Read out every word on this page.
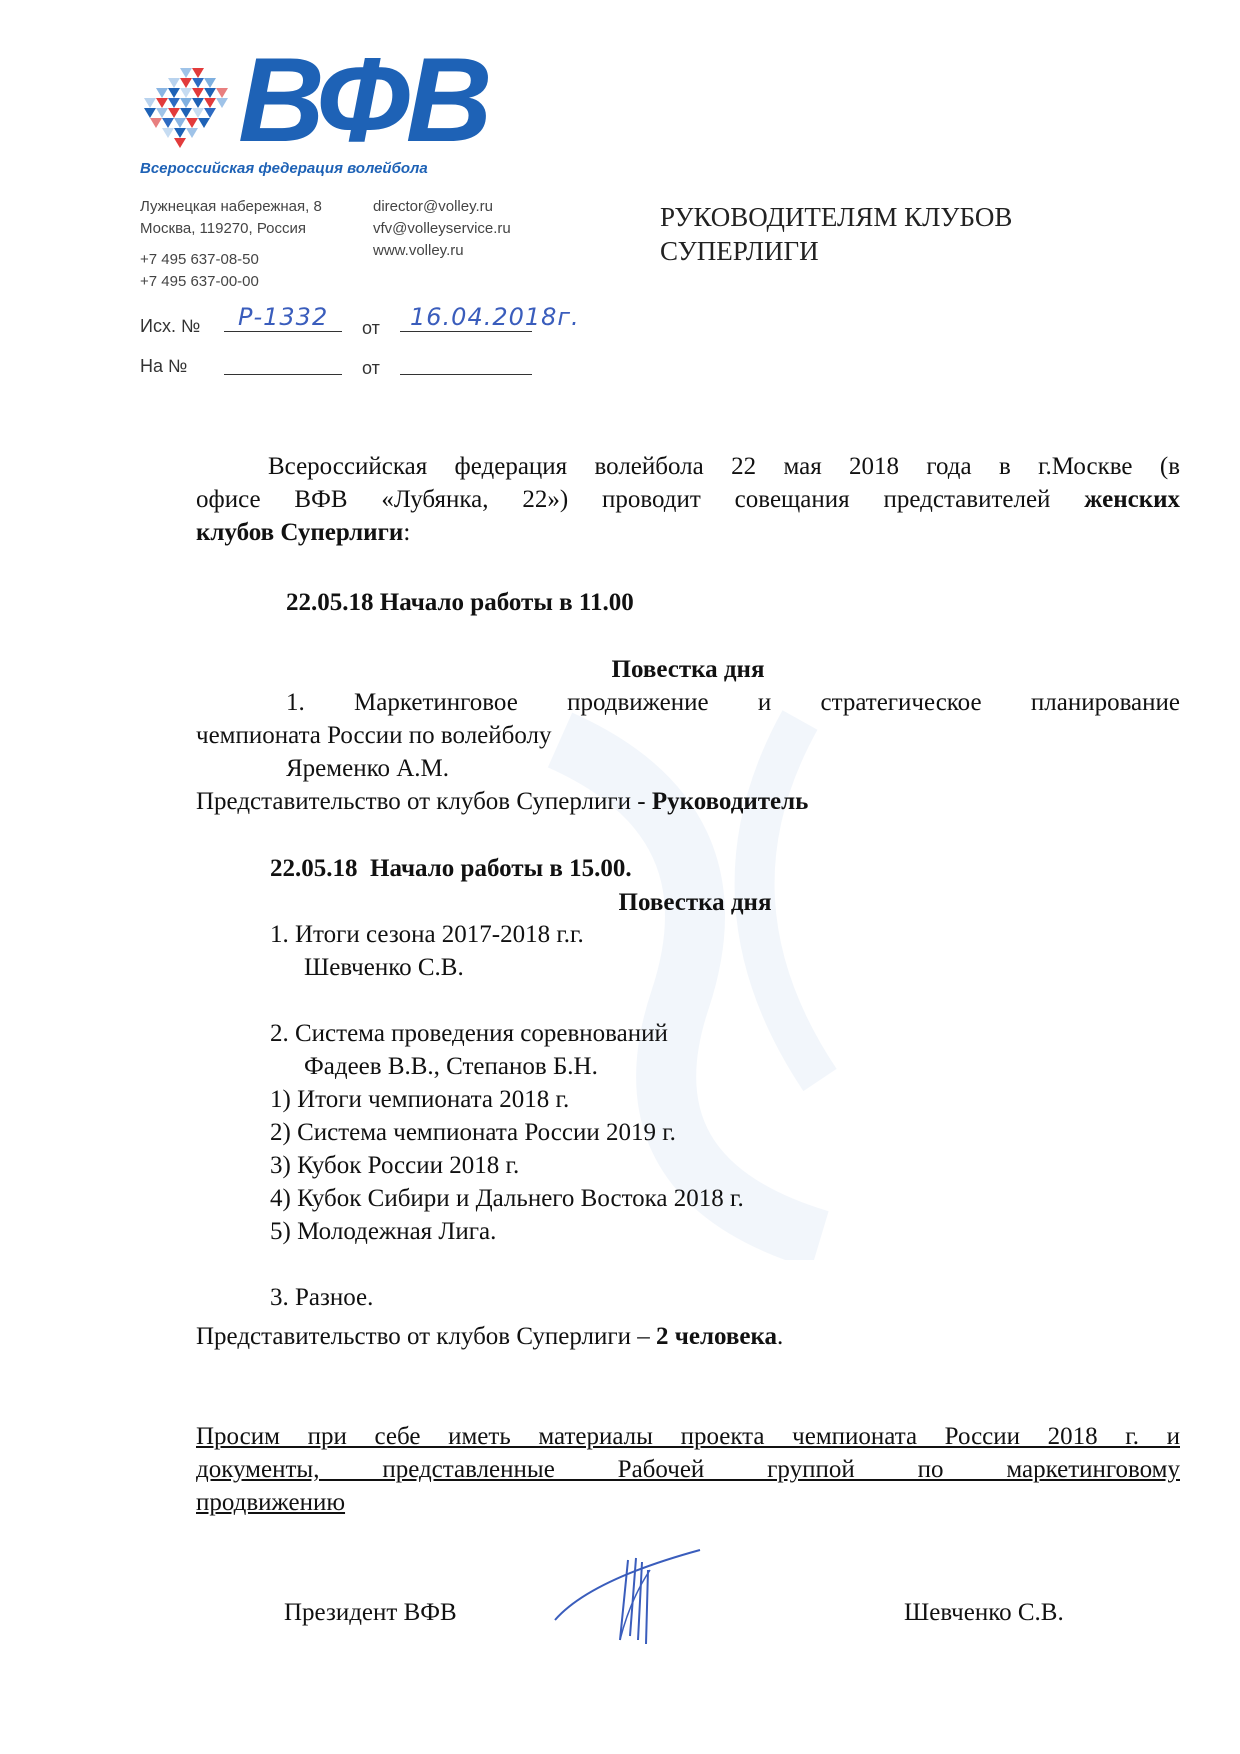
ВФВ
Всероссийская федерация волейбола
Лужнецкая набережная, 8
Москва, 119270, Россия
+7 495 637-08-50
+7 495 637-00-00
director@volley.ru
vfv@volleyservice.ru
www.volley.ru
Исх. № Р-1332 от 16.04.2018г.
На №	от
РУКОВОДИТЕЛЯМ КЛУБОВ
СУПЕРЛИГИ
Всероссийская федерация волейбола 22 мая 2018 года в г.Москве (в
офисе ВФВ «Лубянка, 22») проводит совещания представителей женских
клубов Суперлиги:
22.05.18 Начало работы в 11.00
Повестка дня
1. Маркетинговое продвижение и стратегическое планирование
чемпионата России по волейболу
Яременко А.М.
Представительство от клубов Суперлиги - Руководитель
22.05.18  Начало работы в 15.00.
Повестка дня
1. Итоги сезона 2017-2018 г.г.
Шевченко С.В.
2. Система проведения соревнований
Фадеев В.В., Степанов Б.Н.
1) Итоги чемпионата 2018 г.
2) Система чемпионата России 2019 г.
3) Кубок России 2018 г.
4) Кубок Сибири и Дальнего Востока 2018 г.
5) Молодежная Лига.
3. Разное.
Представительство от клубов Суперлиги – 2 человека.
Просим при себе иметь материалы проекта чемпионата России 2018 г. и
документы, представленные Рабочей группой по маркетинговому
продвижению
Президент ВФВ	Шевченко С.В.
